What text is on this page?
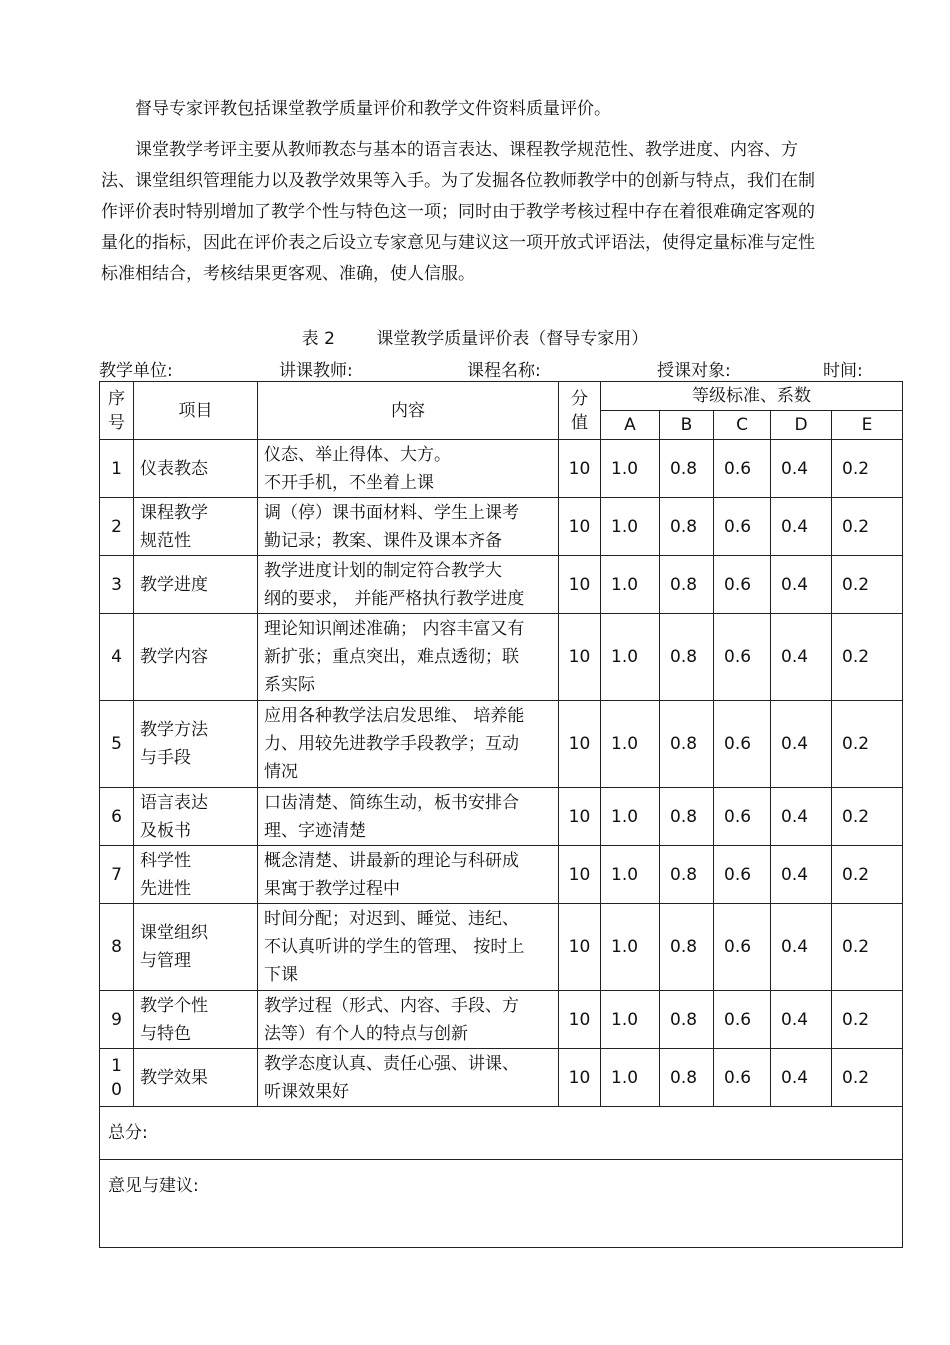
督导专家评教包括课堂教学质量评价和教学文件资料质量评价。

课堂教学考评主要从教师教态与基本的语言表达、课程教学规范性、教学进度、内容、方法、课堂组织管理能力以及教学效果等入手。为了发掘各位教师教学中的创新与特点，我们在制作评价表时特别增加了教学个性与特色这一项；同时由于教学考核过程中存在着很难确定客观的量化的指标，因此在评价表之后设立专家意见与建议这一项开放式评语法，使得定量标准与定性标准相结合，考核结果更客观、准确，使人信服。

表 2 课堂教学质量评价表（督导专家用）
教学单位:	讲课教师:	课程名称:	授课对象:	时间:
序
号	项目	内容	分
值	等级标准、系数				
				A	B	C	D	E
1	仪表教态	仪态、举止得体、大方。
不开手机，不坐着上课	10	1.0	0.8	0.6	0.4	0.2
2	课程教学
规范性	调（停）课书面材料、学生上课考
勤记录；教案、课件及课本齐备	10	1.0	0.8	0.6	0.4	0.2
3	教学进度	教学进度计划的制定符合教学大
纲的要求， 并能严格执行教学进度	10	1.0	0.8	0.6	0.4	0.2
4	教学内容	理论知识阐述准确； 内容丰富又有
新扩张；重点突出，难点透彻；联
系实际	10	1.0	0.8	0.6	0.4	0.2
5	教学方法
与手段	应用各种教学法启发思维、 培养能
力、用较先进教学手段教学；互动
情况	10	1.0	0.8	0.6	0.4	0.2
6	语言表达
及板书	口齿清楚、简练生动，板书安排合
理、字迹清楚	10	1.0	0.8	0.6	0.4	0.2
7	科学性
先进性	概念清楚、讲最新的理论与科研成
果寓于教学过程中	10	1.0	0.8	0.6	0.4	0.2
8	课堂组织
与管理	时间分配；对迟到、睡觉、违纪、
不认真听讲的学生的管理、 按时上
下课	10	1.0	0.8	0.6	0.4	0.2
9	教学个性
与特色	教学过程（形式、内容、手段、方
法等）有个人的特点与创新	10	1.0	0.8	0.6	0.4	0.2
1
0	教学效果	教学态度认真、责任心强、讲课、
听课效果好	10	1.0	0.8	0.6	0.4	0.2
总分:								
意见与建议:								
